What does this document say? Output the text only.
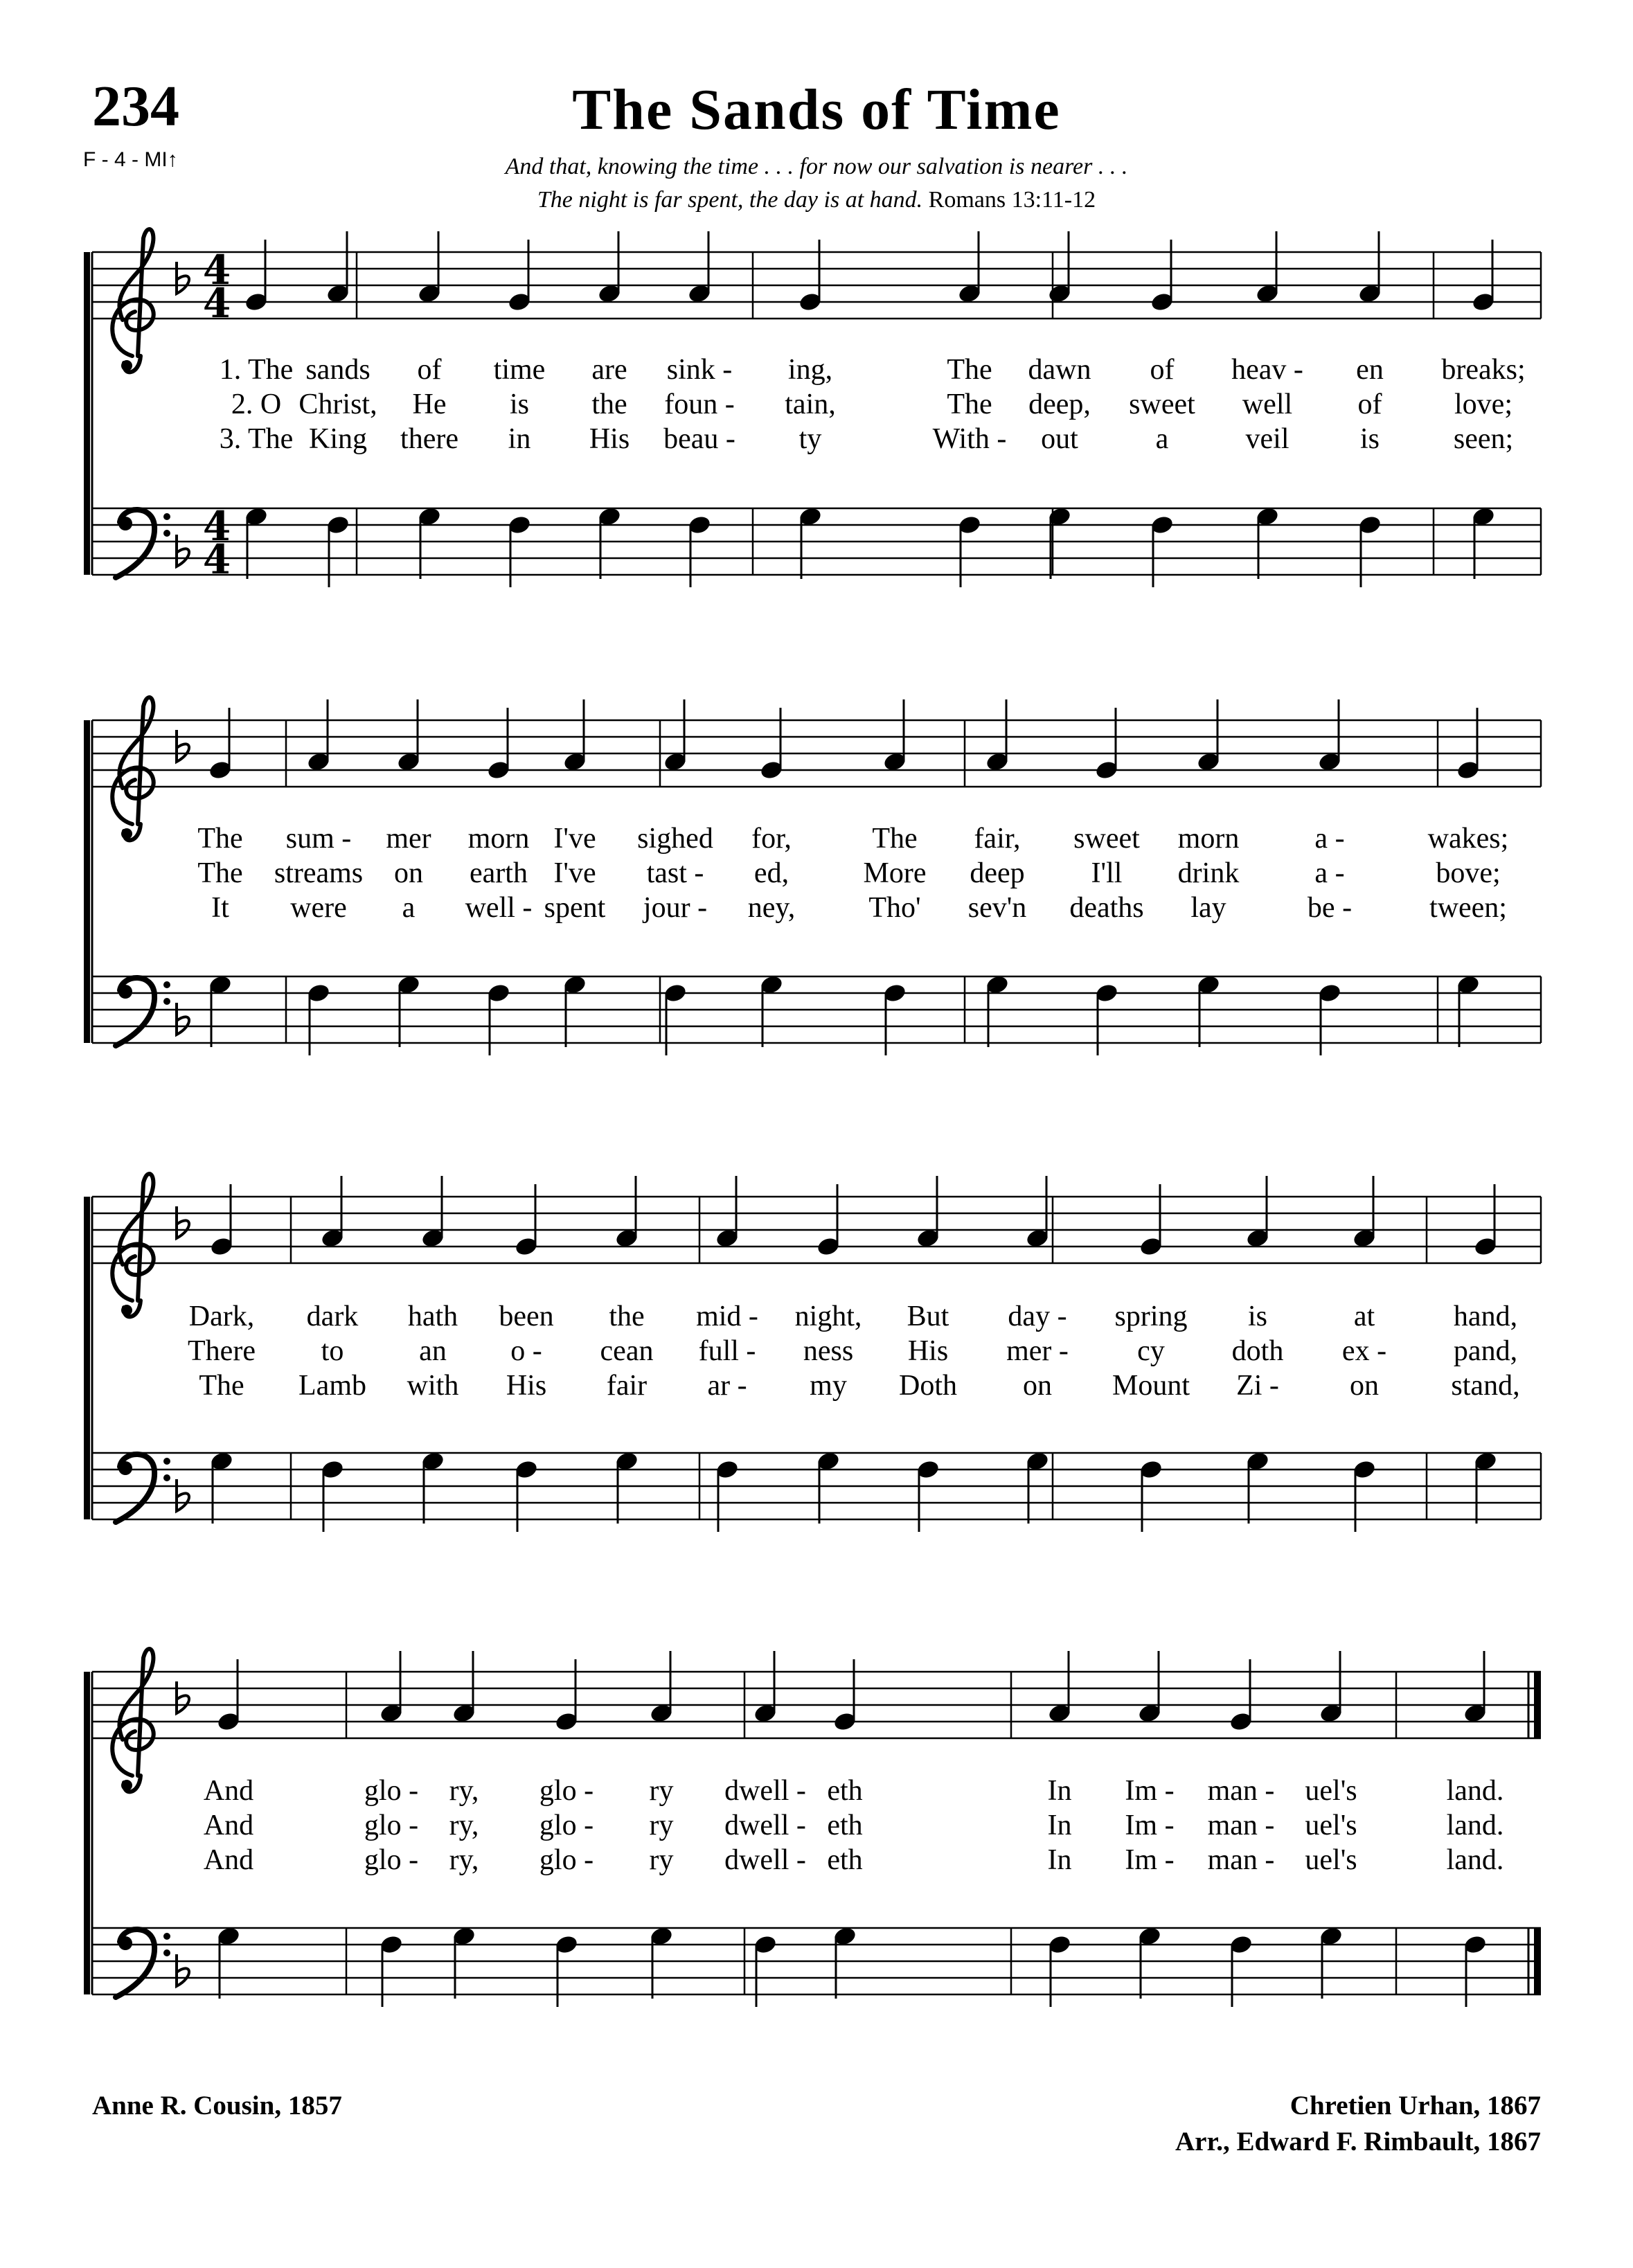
234	The Sands of Time
And that, knowing the time . . . for now our salvation is nearer . . .
The night is far spent, the day is at hand. Romans 13:11-12
F - 4 - MI↑
4
4
4
4
1. The sands of time are sink - ing,	The dawn of heav - en breaks;
2. O Christ, He is the foun - tain,	The deep, sweet well of love;
3. The King there in His beau - ty	With - out	a	veil is	seen;
The sum - mer morn I've sighed for,	The fair, sweet morn	a -	wakes;
The streams on earth I've tast - ed,	More deep I'll drink	a -	bove;
It were a well - spent jour - ney,	Tho' sev'n deaths lay	be -	tween;
Dark, dark hath been the mid - night, But day - spring is	at	hand,
There to	an o - cean full - ness His mer - cy doth ex - pand,
The Lamb with His fair ar - my Doth on Mount Zi - on stand,
And	glo - ry, glo - ry dwell - eth	In Im - man - uel's	land.
And	glo - ry, glo - ry dwell - eth	In Im - man - uel's	land.
And	glo - ry, glo - ry dwell - eth	In Im - man - uel's	land.
Anne R. Cousin, 1857	Chretien Urhan, 1867
Arr., Edward F. Rimbault, 1867
